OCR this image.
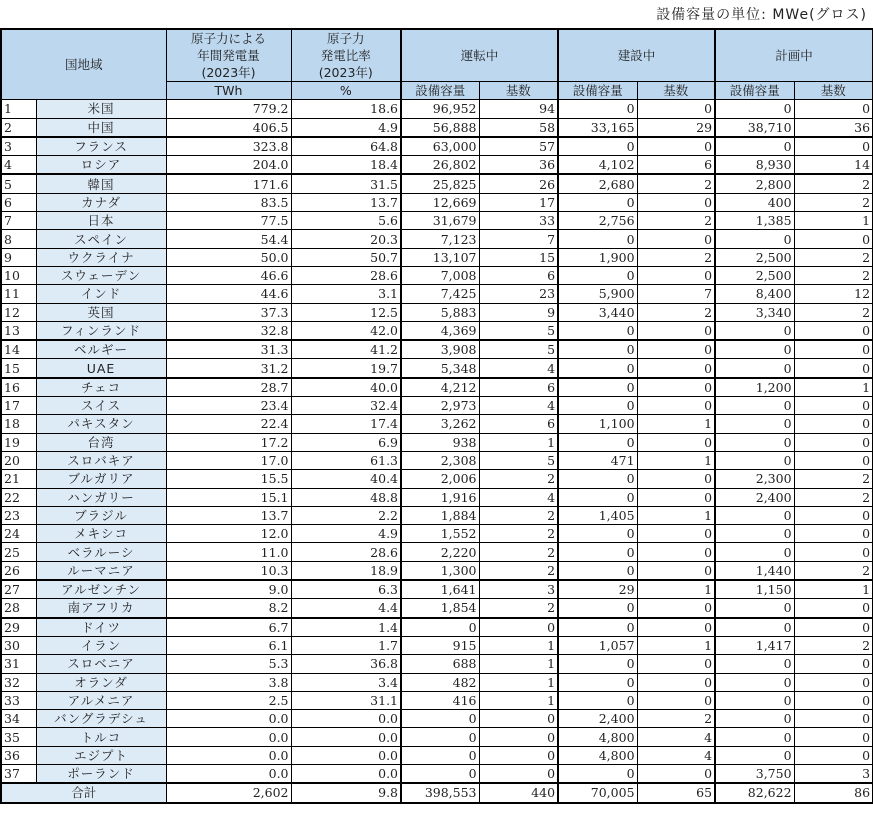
設備容量の単位: MWe(グロス)
国地域	
原子力による
年間発電量
(2023年)

原子力
発電比率
(2023年)
	運転中	建設中	計画中
		TWh	%	設備容量	基数	設備容量	基数	設備容量	基数
1	米国	779.2	18.6	96,952	94	0	0	0	0
2	中国	406.5	4.9	56,888	58	33,165	29	38,710	36
3	フランス	323.8	64.8	63,000	57	0	0	0	0
4	ロシア	204.0	18.4	26,802	36	4,102	6	8,930	14
5	韓国	171.6	31.5	25,825	26	2,680	2	2,800	2
6	カナダ	83.5	13.7	12,669	17	0	0	400	2
7	日本	77.5	5.6	31,679	33	2,756	2	1,385	1
8	スペイン	54.4	20.3	7,123	7	0	0	0	0
9	ウクライナ	50.0	50.7	13,107	15	1,900	2	2,500	2
10	スウェーデン	46.6	28.6	7,008	6	0	0	2,500	2
11	インド	44.6	3.1	7,425	23	5,900	7	8,400	12
12	英国	37.3	12.5	5,883	9	3,440	2	3,340	2
13	フィンランド	32.8	42.0	4,369	5	0	0	0	0
14	ベルギー	31.3	41.2	3,908	5	0	0	0	0
15	UAE	31.2	19.7	5,348	4	0	0	0	0
16	チェコ	28.7	40.0	4,212	6	0	0	1,200	1
17	スイス	23.4	32.4	2,973	4	0	0	0	0
18	パキスタン	22.4	17.4	3,262	6	1,100	1	0	0
19	台湾	17.2	6.9	938	1	0	0	0	0
20	スロバキア	17.0	61.3	2,308	5	471	1	0	0
21	ブルガリア	15.5	40.4	2,006	2	0	0	2,300	2
22	ハンガリー	15.1	48.8	1,916	4	0	0	2,400	2
23	ブラジル	13.7	2.2	1,884	2	1,405	1	0	0
24	メキシコ	12.0	4.9	1,552	2	0	0	0	0
25	ベラルーシ	11.0	28.6	2,220	2	0	0	0	0
26	ルーマニア	10.3	18.9	1,300	2	0	0	1,440	2
27	アルゼンチン	9.0	6.3	1,641	3	29	1	1,150	1
28	南アフリカ	8.2	4.4	1,854	2	0	0	0	0
29	ドイツ	6.7	1.4	0	0	0	0	0	0
30	イラン	6.1	1.7	915	1	1,057	1	1,417	2
31	スロベニア	5.3	36.8	688	1	0	0	0	0
32	オランダ	3.8	3.4	482	1	0	0	0	0
33	アルメニア	2.5	31.1	416	1	0	0	0	0
34	バングラデシュ	0.0	0.0	0	0	2,400	2	0	0
35	トルコ	0.0	0.0	0	0	4,800	4	0	0
36	エジプト	0.0	0.0	0	0	4,800	4	0	0
37	ポーランド	0.0	0.0	0	0	0	0	3,750	3
合計		2,602	9.8	398,553	440	70,005	65	82,622	86
